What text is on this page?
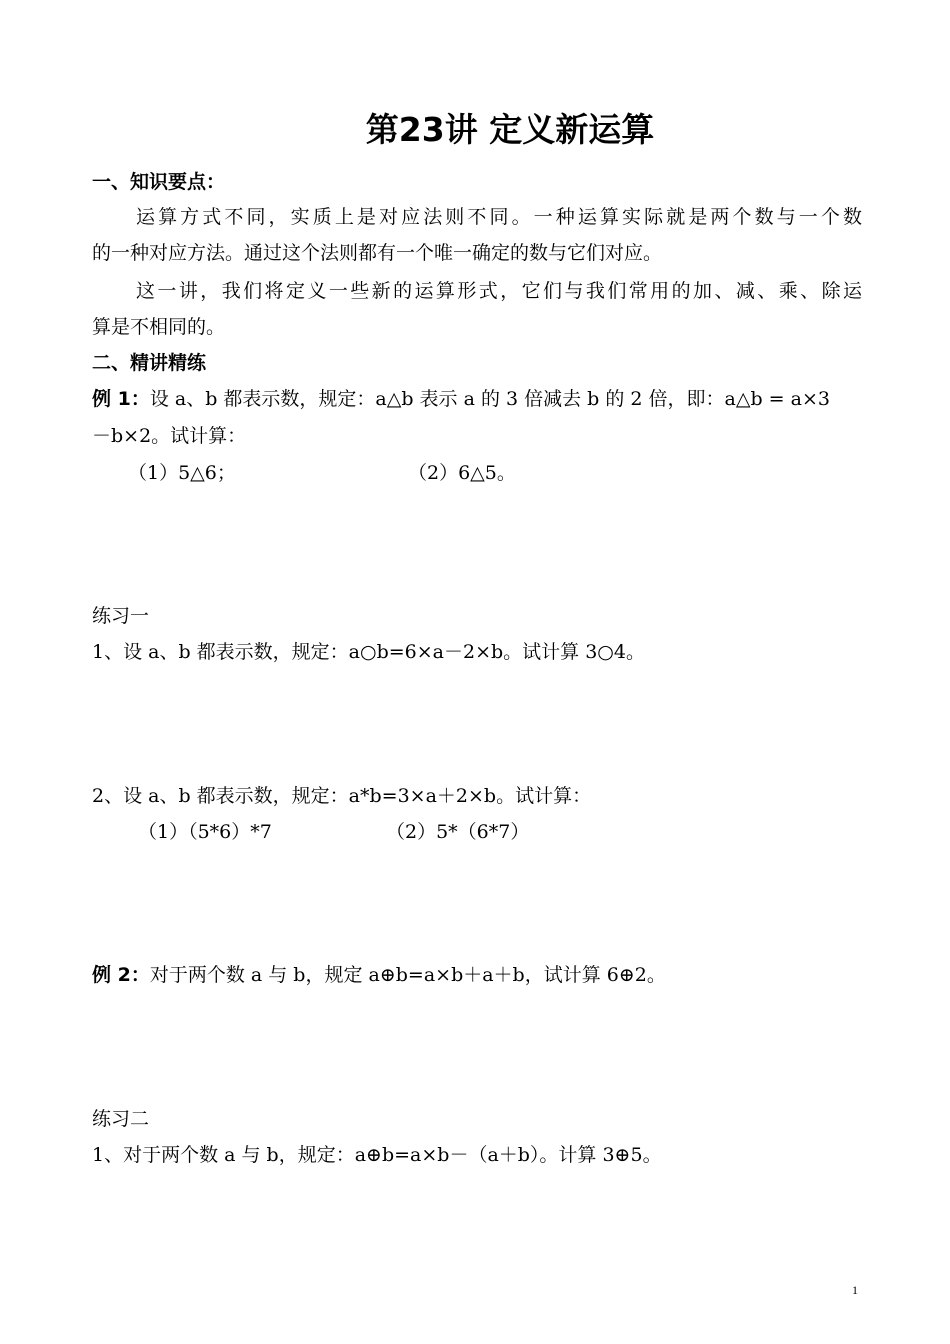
第23讲 定义新运算
一、知识要点：
运算方式不同，实质上是对应法则不同。一种运算实际就是两个数与一个数
的一种对应方法。通过这个法则都有一个唯一确定的数与它们对应。
这一讲，我们将定义一些新的运算形式，它们与我们常用的加、减、乘、除运
算是不相同的。
二、精讲精练
例 1：设 a、b 都表示数，规定：a△b 表示 a 的 3 倍减去 b 的 2 倍，即：a△b = a×3
－b×2。试计算：
（1）5△6；	（2）6△5。
练习一
1、设 a、b 都表示数，规定：a○b=6×a－2×b。试计算 3○4。
2、设 a、b 都表示数，规定：a*b=3×a＋2×b。试计算：
（1）（5*6）*7	（2）5*（6*7）
例 2：对于两个数 a 与 b，规定 a⊕b=a×b＋a＋b，试计算 6⊕2。
练习二
1、对于两个数 a 与 b，规定：a⊕b=a×b－（a＋b）。计算 3⊕5。
1
